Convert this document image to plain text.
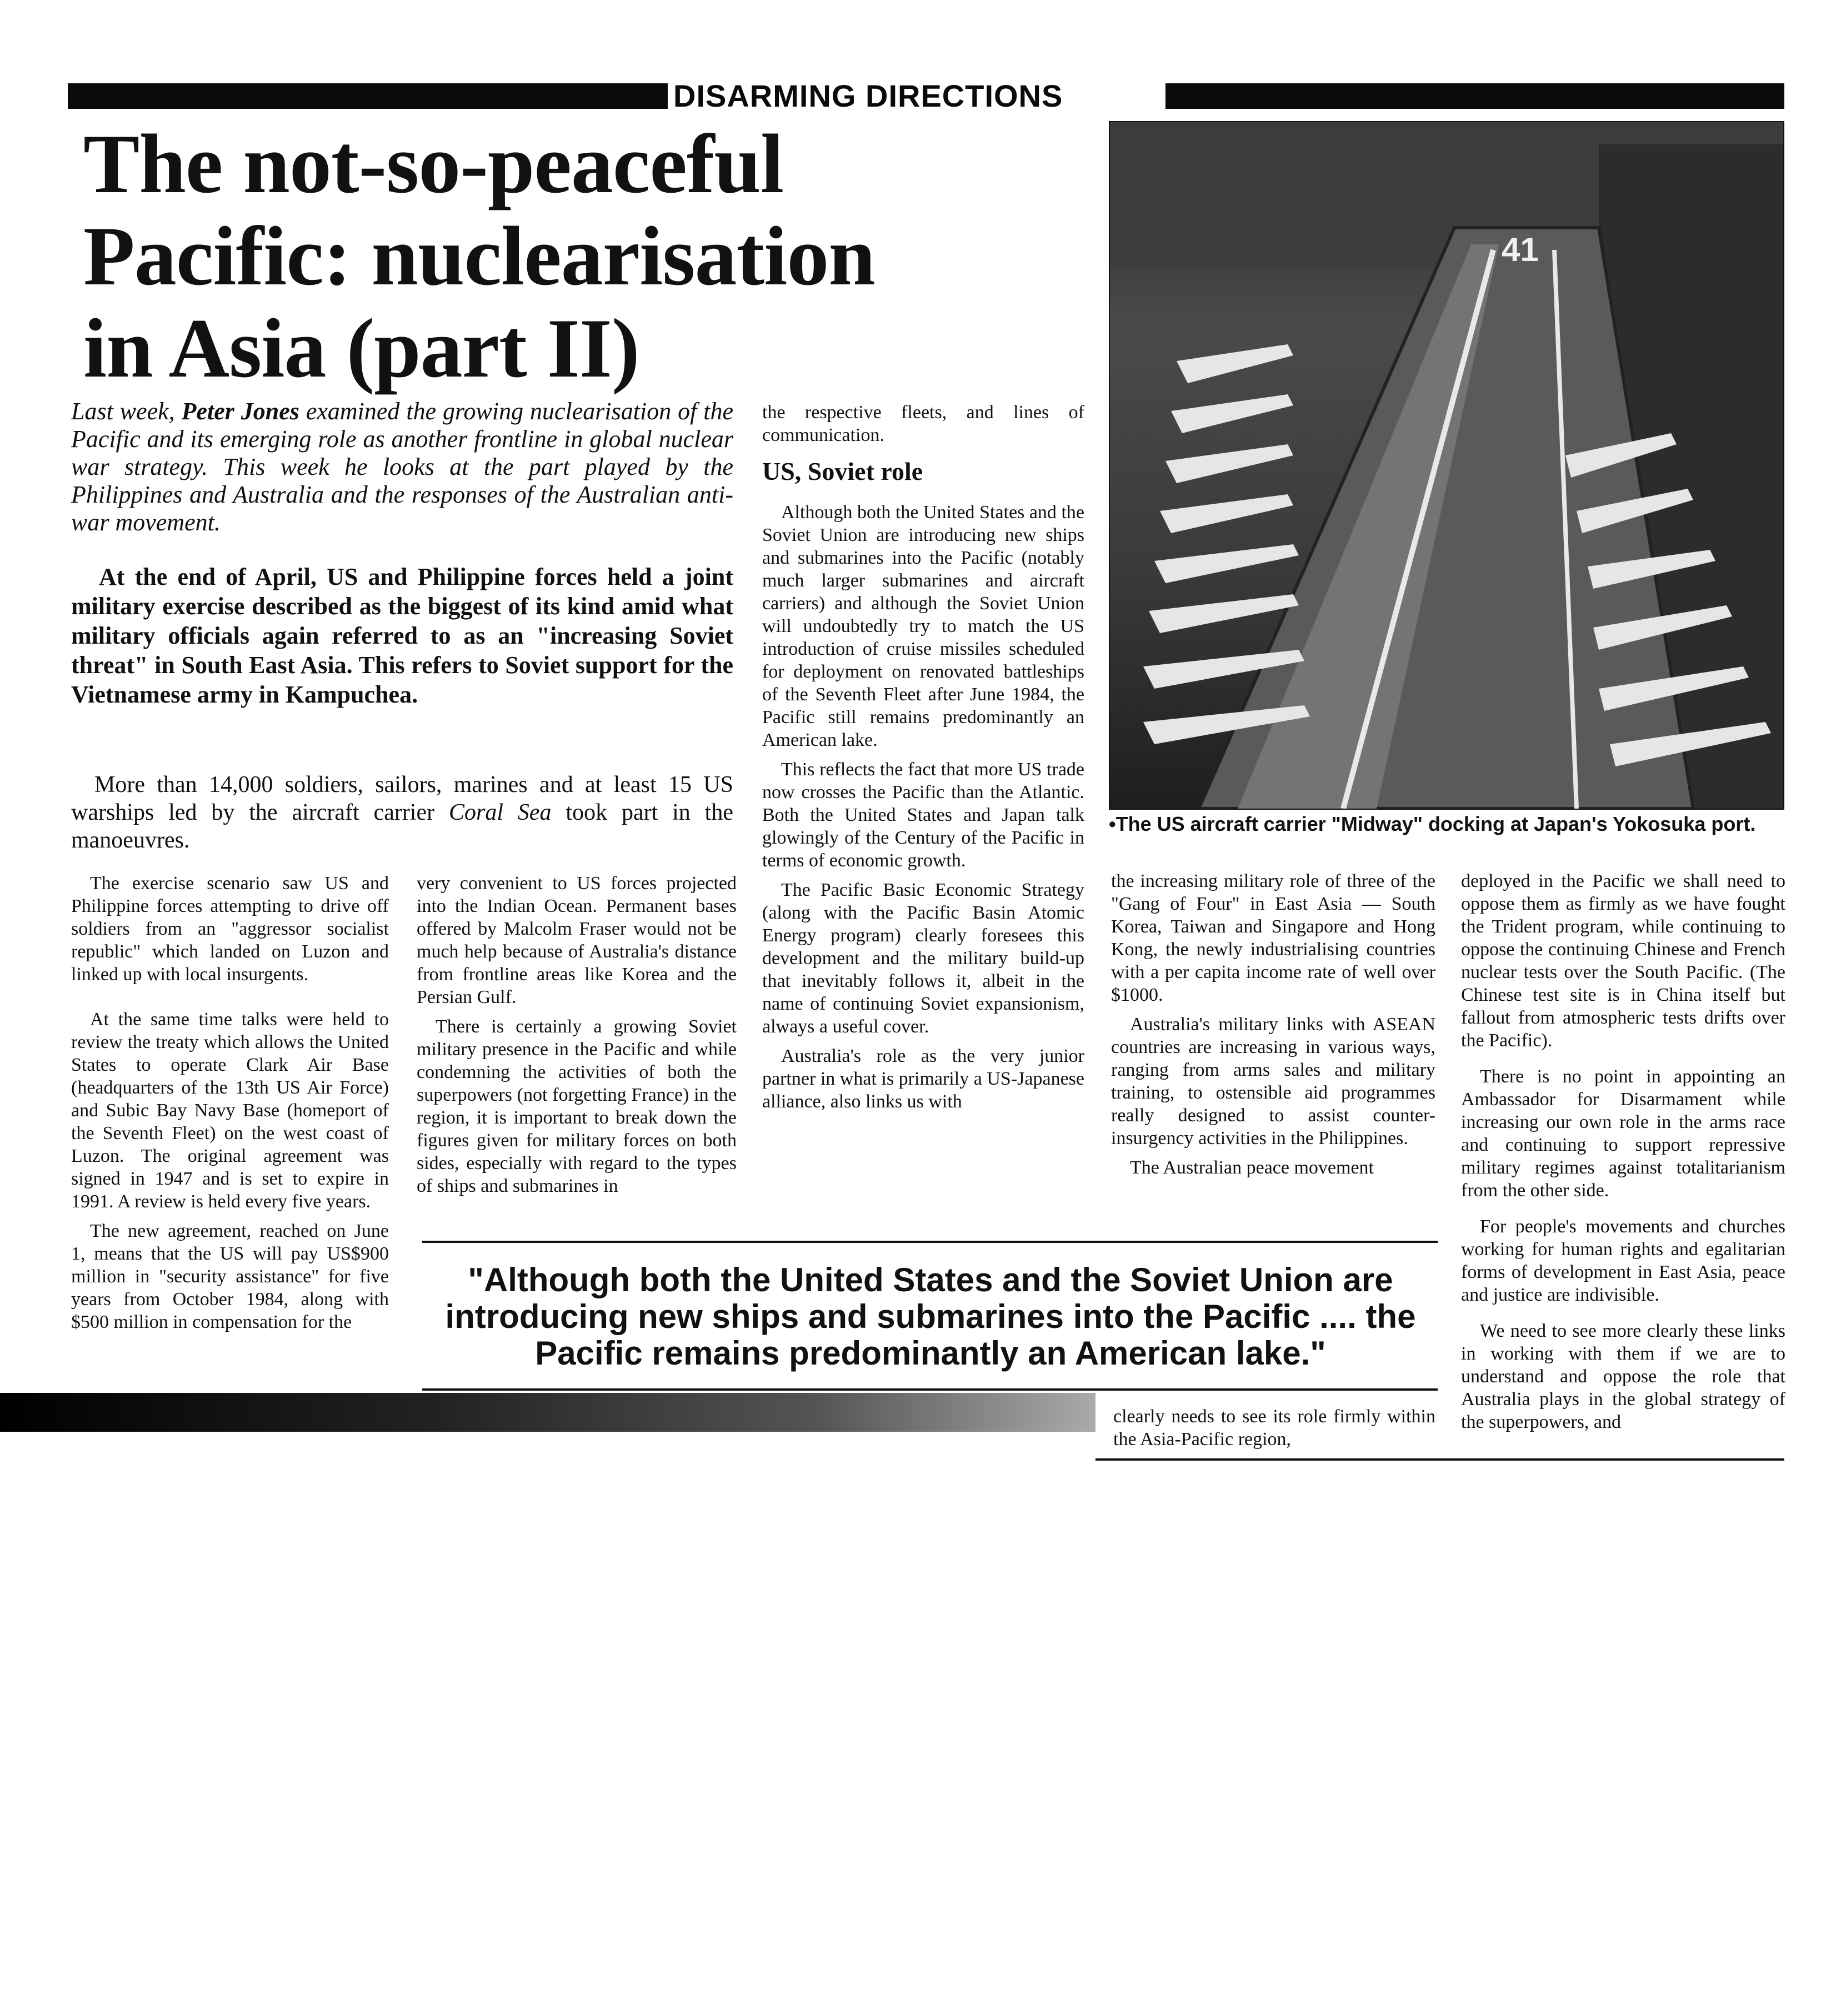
DISARMING DIRECTIONS
The not-so-peaceful
Pacific: nuclearisation
in Asia (part II)
Last week, Peter Jones examined the growing nuclearisation of the Pacific and its emerging role as another frontline in global nuclear war strategy. This week he looks at the part played by the Philippines and Australia and the responses of the Australian anti-war movement.
At the end of April, US and Philippine forces held a joint military exercise described as the biggest of its kind amid what military officials again referred to as an "increasing Soviet threat" in South East Asia. This refers to Soviet support for the Vietnamese army in Kampuchea.
More than 14,000 soldiers, sailors, marines and at least 15 US warships led by the aircraft carrier Coral Sea took part in the manoeuvres.

The exercise scenario saw US and Philippine forces attempting to drive off soldiers from an "aggressor socialist republic" which landed on Luzon and linked up with local insurgents.

At the same time talks were held to review the treaty which allows the United States to operate Clark Air Base (headquarters of the 13th US Air Force) and Subic Bay Navy Base (homeport of the Seventh Fleet) on the west coast of Luzon. The original agreement was signed in 1947 and is set to expire in 1991. A review is held every five years.

The new agreement, reached on June 1, means that the US will pay US$900 million in "security assistance" for five years from October 1984, along with $500 million in compensation for the

very convenient to US forces projected into the Indian Ocean. Permanent bases offered by Malcolm Fraser would not be much help because of Australia's distance from frontline areas like Korea and the Persian Gulf.

There is certainly a growing Soviet military presence in the Pacific and while condemning the activities of both the superpowers (not forgetting France) in the region, it is important to break down the figures given for military forces on both sides, especially with regard to the types of ships and submarines in

the respective fleets, and lines of communication.

US, Soviet role

Although both the United States and the Soviet Union are introducing new ships and submarines into the Pacific (notably much larger submarines and aircraft carriers) and although the Soviet Union will undoubtedly try to match the US introduction of cruise missiles scheduled for deployment on renovated battleships of the Seventh Fleet after June 1984, the Pacific still remains predominantly an American lake.

This reflects the fact that more US trade now crosses the Pacific than the Atlantic. Both the United States and Japan talk glowingly of the Century of the Pacific in terms of economic growth.

The Pacific Basic Economic Strategy (along with the Pacific Basin Atomic Energy program) clearly foresees this development and the military build-up that inevitably follows it, albeit in the name of continuing Soviet expansionism, always a useful cover.

Australia's role as the very junior partner in what is primarily a US-Japanese alliance, also links us with

41
•The US aircraft carrier "Midway" docking at Japan's Yokosuka port.

the increasing military role of three of the "Gang of Four" in East Asia — South Korea, Taiwan and Singapore and Hong Kong, the newly industrialising countries with a per capita income rate of well over $1000.

Australia's military links with ASEAN countries are increasing in various ways, ranging from arms sales and military training, to ostensible aid programmes really designed to assist counter-insurgency activities in the Philippines.

The Australian peace movement

clearly needs to see its role firmly within the Asia-Pacific region,

deployed in the Pacific we shall need to oppose them as firmly as we have fought the Trident program, while continuing to oppose the continuing Chinese and French nuclear tests over the South Pacific. (The Chinese test site is in China itself but fallout from atmospheric tests drifts over the Pacific).

There is no point in appointing an Ambassador for Disarmament while increasing our own role in the arms race and continuing to support repressive military regimes against totalitarianism from the other side.

For people's movements and churches working for human rights and egalitarian forms of development in East Asia, peace and justice are indivisible.

We need to see more clearly these links in working with them if we are to understand and oppose the role that Australia plays in the global strategy of the superpowers, and

"Although both the United States and the Soviet Union are introducing new ships and submarines into the Pacific .... the Pacific remains predominantly an American lake."
